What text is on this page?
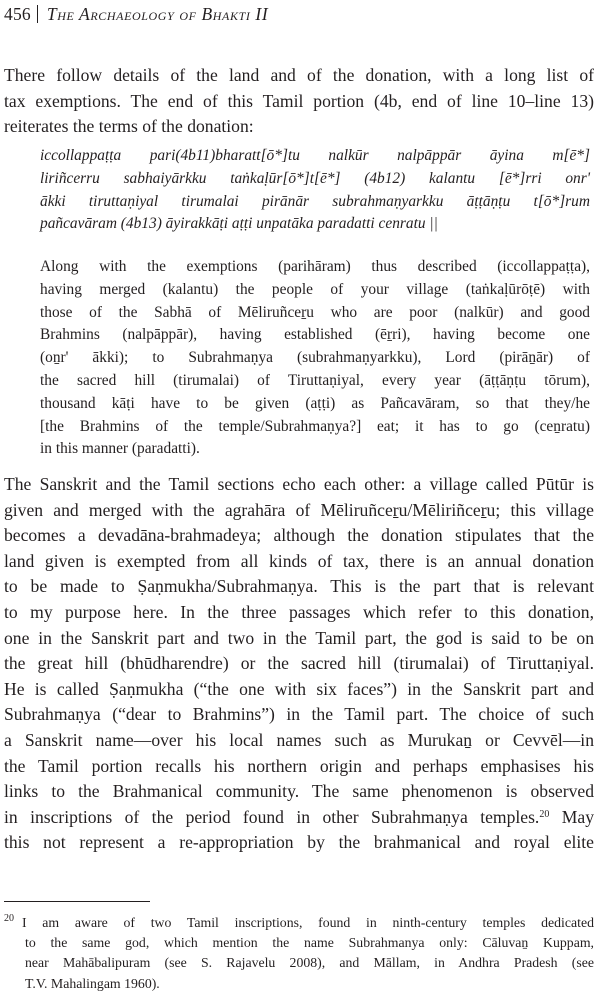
456 The Archaeology of Bhakti II

There follow details of the land and of the donation, with a long list of
tax exemptions. The end of this Tamil portion (4b, end of line 10–line 13)
reiterates the terms of the donation:

iccollappaṭṭa pari(4b11)bharatt[ō*]tu nalkūr nalpāppār āyina m[ē*]
liriñcerru sabhaiyārkku taṅkaḷūr[ō*]t[ē*] (4b12) kalantu [ē*]rri onr'
ākki tiruttaṇiyal tirumalai pirānār subrahmaṇyarkku āṭṭāṇṭu t[ō*]rum
pañcavāram (4b13) āyirakkāṭi aṭṭi unpatāka paradatti cenratu ||

Along with the exemptions (parihāram) thus described (iccollappaṭṭa),
having merged (kalantu) the people of your village (taṅkaḷūrōṭē) with
those of the Sabhā of Mēliruñceṟu who are poor (nalkūr) and good
Brahmins (nalpāppār), having established (ēṟri), having become one
(oṉr' ākki); to Subrahmaṇya (subrahmaṇyarkku), Lord (pirāṉār) of
the sacred hill (tirumalai) of Tiruttaṇiyal, every year (āṭṭāṇṭu tōrum),
thousand kāṭi have to be given (aṭṭi) as Pañcavāram, so that they/he
[the Brahmins of the temple/Subrahmaṇya?] eat; it has to go (ceṉratu)
in this manner (paradatti).

The Sanskrit and the Tamil sections echo each other: a village called Pūtūr is
given and merged with the agrahāra of Mēliruñceṟu/Mēliriñceṟu; this village
becomes a devadāna-brahmadeya; although the donation stipulates that the
land given is exempted from all kinds of tax, there is an annual donation
to be made to Ṣaṇmukha/Subrahmaṇya. This is the part that is relevant
to my purpose here. In the three passages which refer to this donation,
one in the Sanskrit part and two in the Tamil part, the god is said to be on
the great hill (bhūdharendre) or the sacred hill (tirumalai) of Tiruttaṇiyal.
He is called Ṣaṇmukha (“the one with six faces”) in the Sanskrit part and
Subrahmaṇya (“dear to Brahmins”) in the Tamil part. The choice of such
a Sanskrit name—over his local names such as Murukaṉ or Cevvēl—in
the Tamil portion recalls his northern origin and perhaps emphasises his
links to the Brahmanical community. The same phenomenon is observed
in inscriptions of the period found in other Subrahmaṇya temples.$^{20}$ May
this not represent a re-appropriation by the brahmanical and royal elite

$^{20}$ I am aware of two Tamil inscriptions, found in ninth-century temples dedicated
to the same god, which mention the name Subrahmanya only: Cāluvaṉ Kuppam,
near Mahābalipuram (see S. Rajavelu 2008), and Māllam, in Andhra Pradesh (see
T.V. Mahalingam 1960).
